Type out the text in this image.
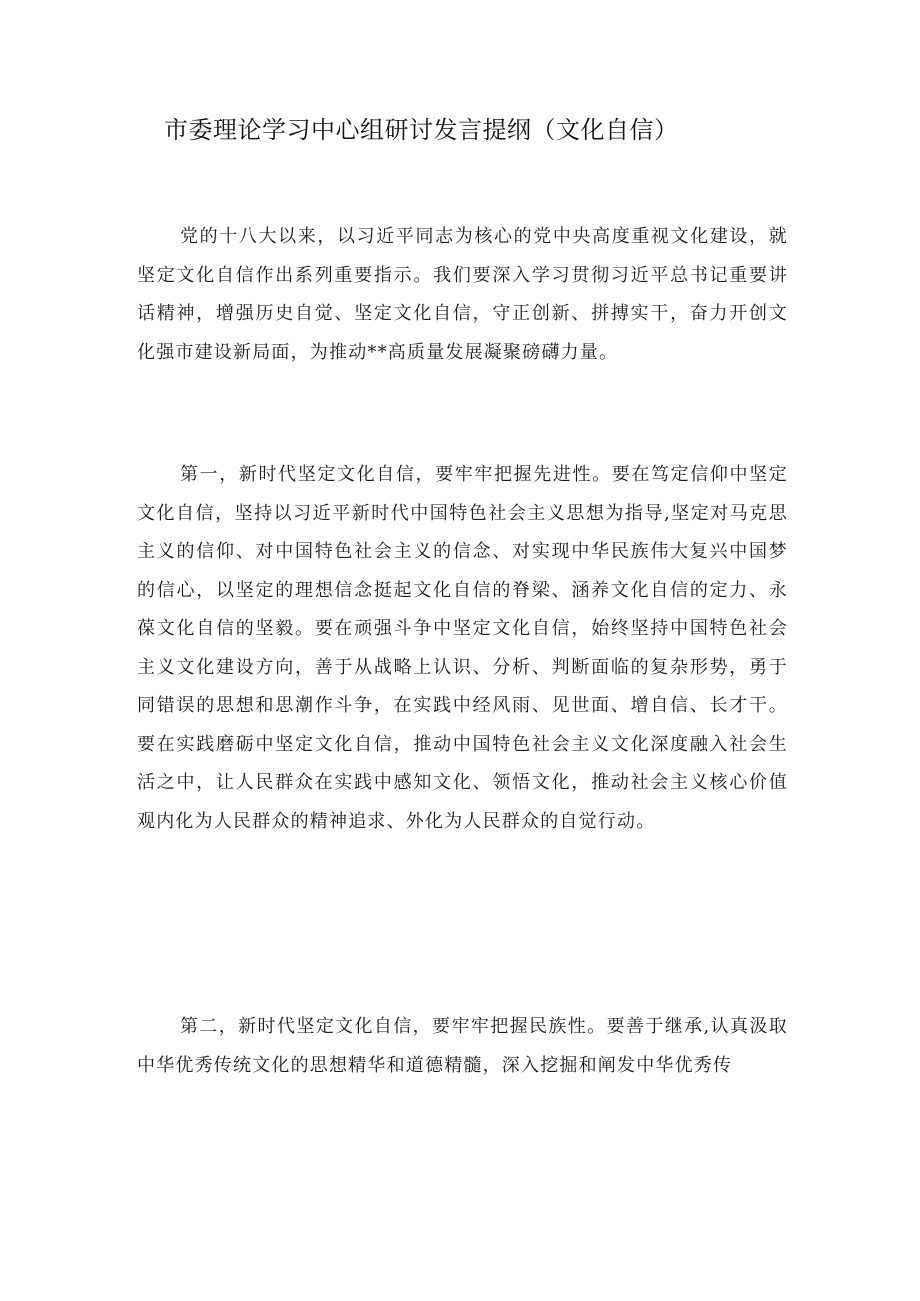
市委理论学习中心组研讨发言提纲（文化自信）

党的十八大以来，以习近平同志为核心的党中央高度重视文化建设，就坚定文化自信作出系列重要指示。我们要深入学习贯彻习近平总书记重要讲话精神，增强历史自觉、坚定文化自信，守正创新、拼搏实干，奋力开创文化强市建设新局面，为推动**高质量发展凝聚磅礴力量。

第一，新时代坚定文化自信，要牢牢把握先进性。要在笃定信仰中坚定文化自信，坚持以习近平新时代中国特色社会主义思想为指导,坚定对马克思主义的信仰、对中国特色社会主义的信念、对实现中华民族伟大复兴中国梦的信心，以坚定的理想信念挺起文化自信的脊梁、涵养文化自信的定力、永葆文化自信的坚毅。要在顽强斗争中坚定文化自信，始终坚持中国特色社会主义文化建设方向，善于从战略上认识、分析、判断面临的复杂形势，勇于同错误的思想和思潮作斗争，在实践中经风雨、见世面、增自信、长才干。要在实践磨砺中坚定文化自信，推动中国特色社会主义文化深度融入社会生活之中，让人民群众在实践中感知文化、领悟文化，推动社会主义核心价值观内化为人民群众的精神追求、外化为人民群众的自觉行动。

第二，新时代坚定文化自信，要牢牢把握民族性。要善于继承,认真汲取中华优秀传统文化的思想精华和道德精髓，深入挖掘和阐发中华优秀传
